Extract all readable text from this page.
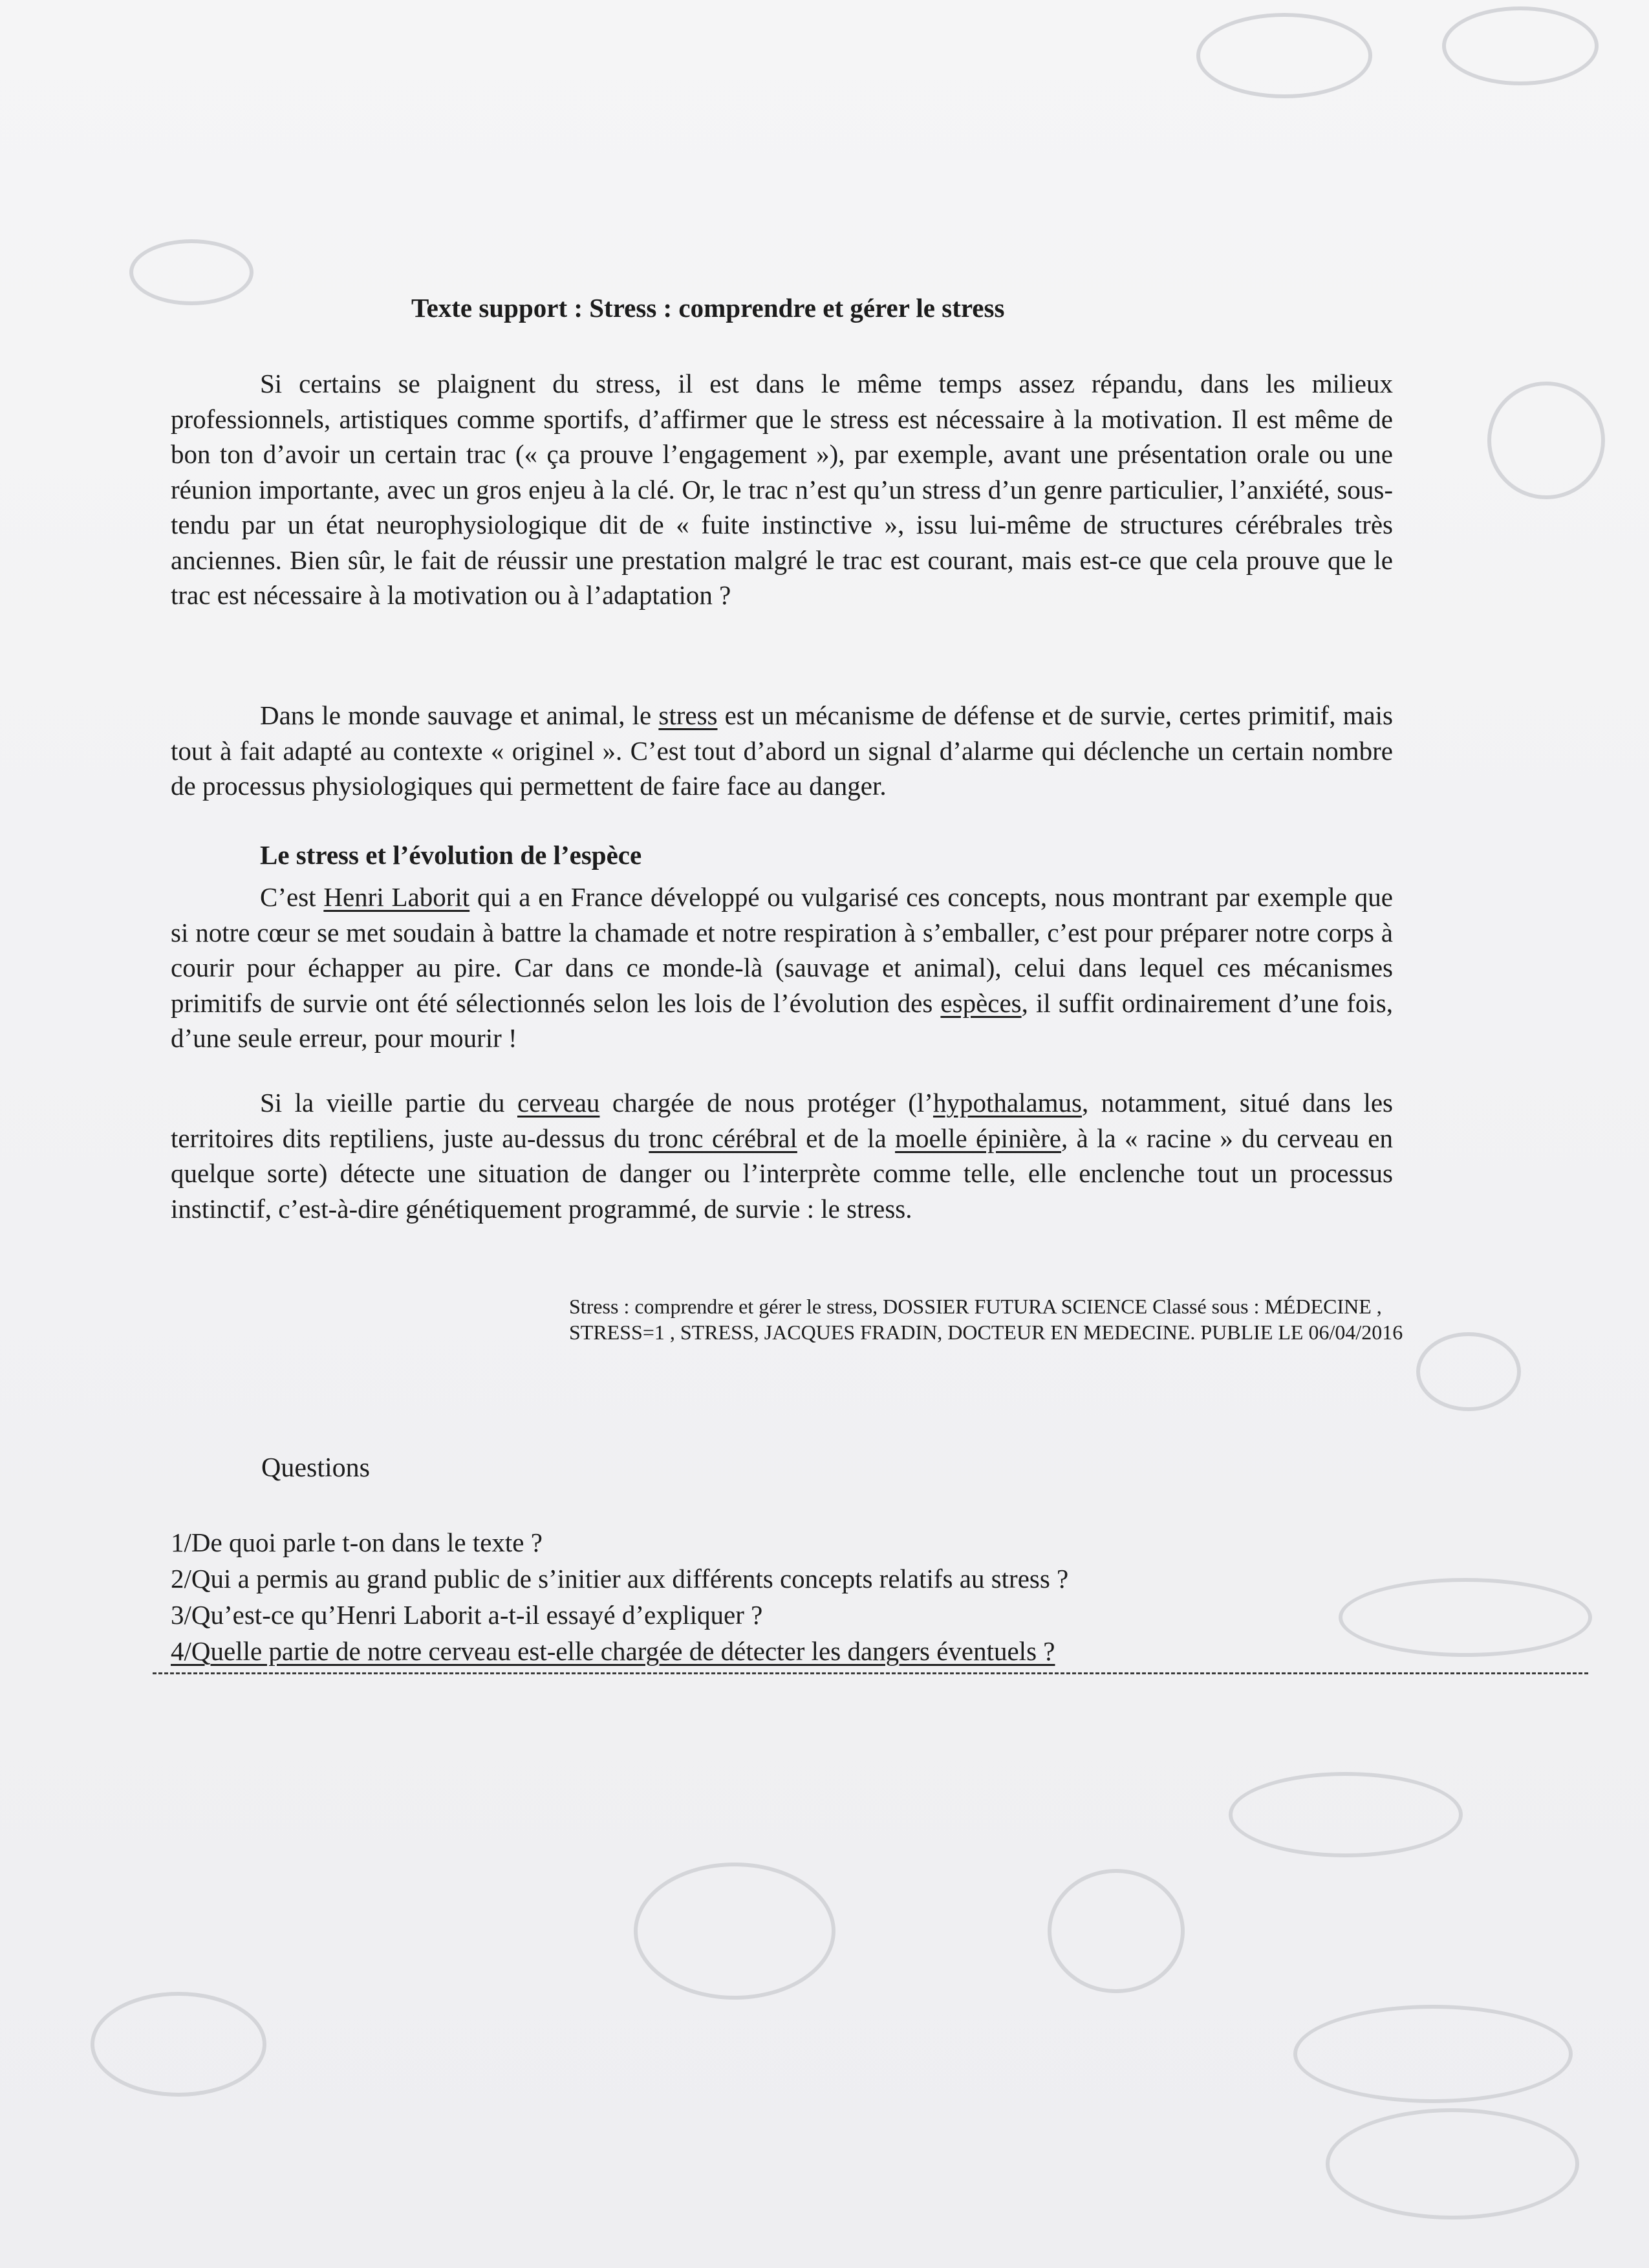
Texte support : Stress : comprendre et gérer le stress

Si certains se plaignent du stress, il est dans le même temps assez répandu, dans les milieux professionnels, artistiques comme sportifs, d’affirmer que le stress est nécessaire à la motivation. Il est même de bon ton d’avoir un certain trac (« ça prouve l’engagement »), par exemple, avant une présentation orale ou une réunion importante, avec un gros enjeu à la clé. Or, le trac n’est qu’un stress d’un genre particulier, l’anxiété, sous-tendu par un état neurophysiologique dit de « fuite instinctive », issu lui-même de structures cérébrales très anciennes. Bien sûr, le fait de réussir une prestation malgré le trac est courant, mais est-ce que cela prouve que le trac est nécessaire à la motivation ou à l’adaptation ?

Dans le monde sauvage et animal, le stress est un mécanisme de défense et de survie, certes primitif, mais tout à fait adapté au contexte « originel ». C’est tout d’abord un signal d’alarme qui déclenche un certain nombre de processus physiologiques qui permettent de faire face au danger.

Le stress et l’évolution de l’espèce

C’est Henri Laborit qui a en France développé ou vulgarisé ces concepts, nous montrant par exemple que si notre cœur se met soudain à battre la chamade et notre respiration à s’emballer, c’est pour préparer notre corps à courir pour échapper au pire. Car dans ce monde-là (sauvage et animal), celui dans lequel ces mécanismes primitifs de survie ont été sélectionnés selon les lois de l’évolution des espèces, il suffit ordinairement d’une fois, d’une seule erreur, pour mourir !

Si la vieille partie du cerveau chargée de nous protéger (l’hypothalamus, notamment, situé dans les territoires dits reptiliens, juste au-dessus du tronc cérébral et de la moelle épinière, à la « racine » du cerveau en quelque sorte) détecte une situation de danger ou l’interprète comme telle, elle enclenche tout un processus instinctif, c’est-à-dire génétiquement programmé, de survie : le stress.

Stress : comprendre et gérer le stress, DOSSIER FUTURA SCIENCE Classé sous : MÉDECINE , STRESS=1 , STRESS, JACQUES FRADIN, DOCTEUR EN MEDECINE. PUBLIE LE 06/04/2016

Questions
1/De quoi parle t-on dans le texte ?
2/Qui a permis au grand public de s’initier aux différents concepts relatifs au stress ?
3/Qu’est-ce qu’Henri Laborit a-t-il essayé d’expliquer ?
4/Quelle partie de notre cerveau est-elle chargée de détecter les dangers éventuels ?
